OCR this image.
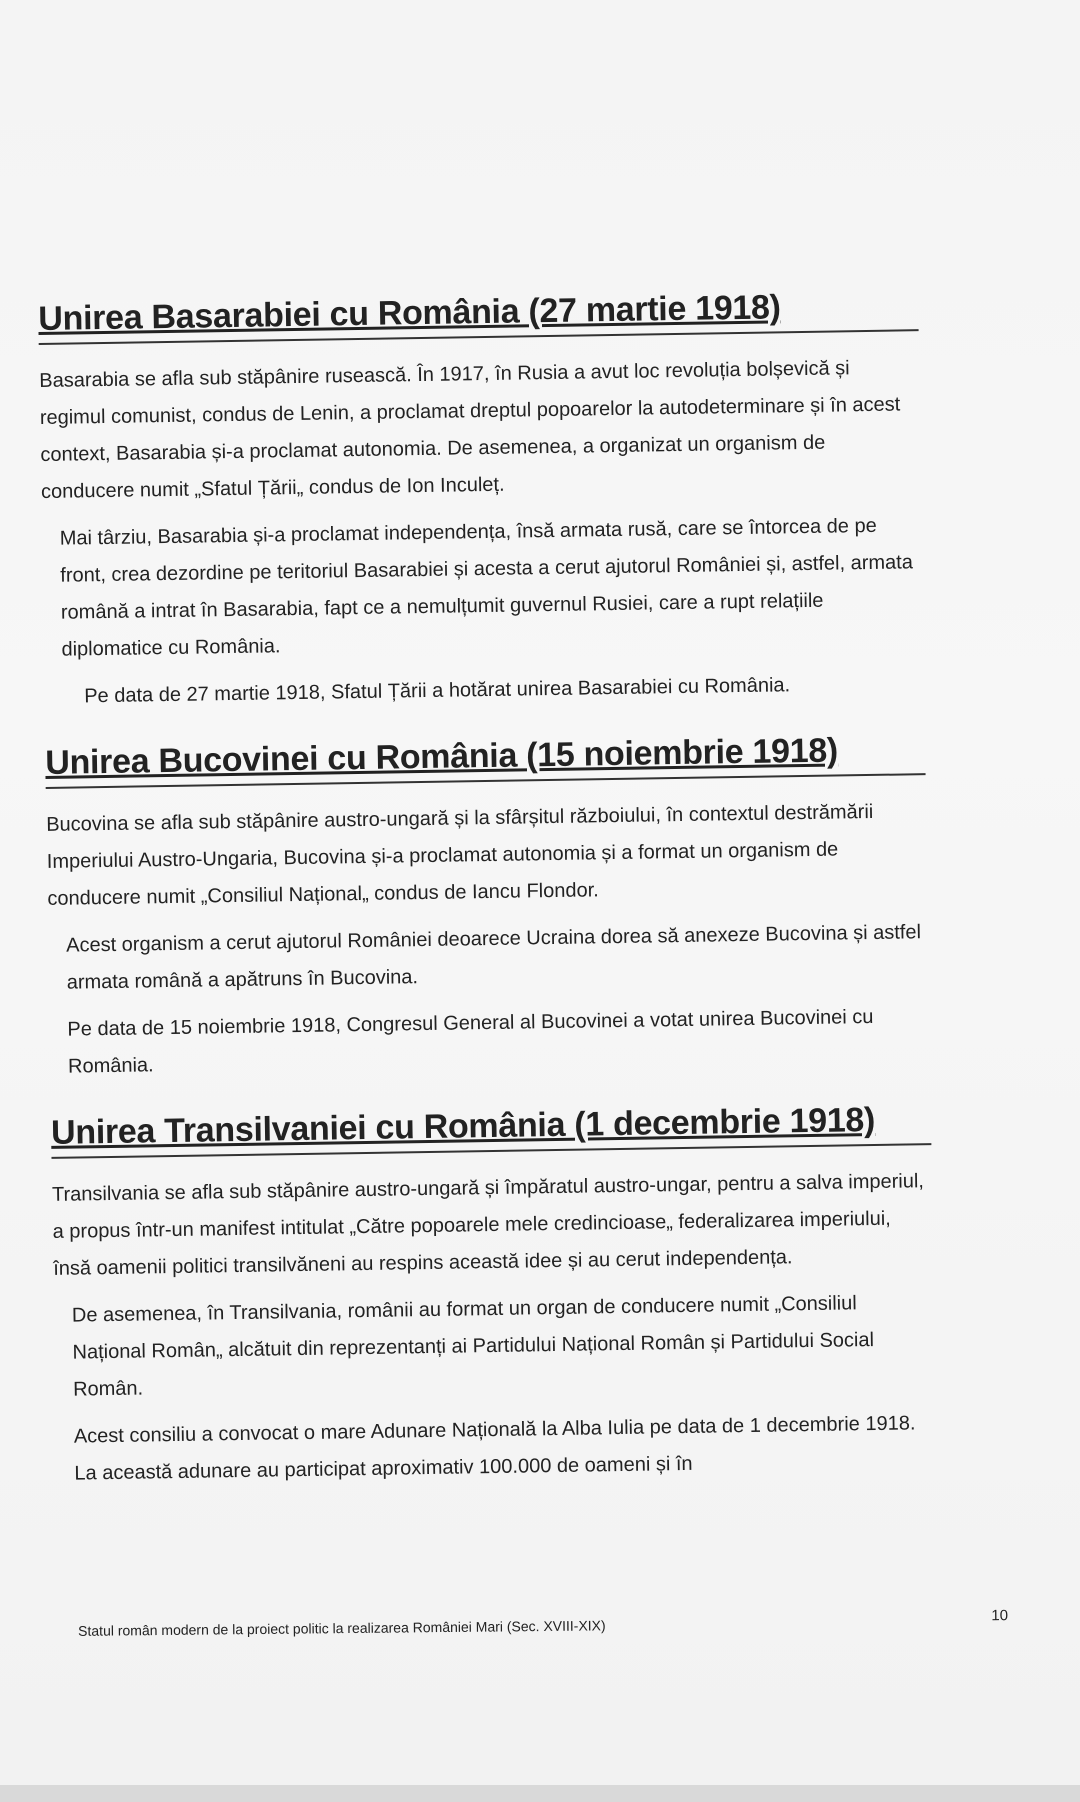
Unirea Basarabiei cu România (27 martie 1918)

Basarabia se afla sub stăpânire rusească. În 1917, în Rusia a avut loc revoluția bolșevică și regimul comunist, condus de Lenin, a proclamat dreptul popoarelor la autodeterminare și în acest context, Basarabia și-a proclamat autonomia. De asemenea, a organizat un organism de conducere numit „Sfatul Țării„ condus de Ion Inculeț.

Mai târziu, Basarabia și-a proclamat independența, însă armata rusă, care se întorcea de pe front, crea dezordine pe teritoriul Basarabiei și acesta a cerut ajutorul României și, astfel, armata română a intrat în Basarabia, fapt ce a nemulțumit guvernul Rusiei, care a rupt relațiile diplomatice cu România.

Pe data de 27 martie 1918, Sfatul Țării a hotărat unirea Basarabiei cu România.

Unirea Bucovinei cu România (15 noiembrie 1918)

Bucovina se afla sub stăpânire austro-ungară și la sfârșitul războiului, în contextul destrămării Imperiului Austro-Ungaria, Bucovina și-a proclamat autonomia și a format un organism de conducere numit „Consiliul Național„ condus de Iancu Flondor.

Acest organism a cerut ajutorul României deoarece Ucraina dorea să anexeze Bucovina și astfel armata română a apătruns în Bucovina.

Pe data de 15 noiembrie 1918, Congresul General al Bucovinei a votat unirea Bucovinei cu România.

Unirea Transilvaniei cu România (1 decembrie 1918)

Transilvania se afla sub stăpânire austro-ungară și împăratul austro-ungar, pentru a salva imperiul, a propus într-un manifest intitulat „Către popoarele mele credincioase„ federalizarea imperiului, însă oamenii politici transilvăneni au respins această idee și au cerut independența.

De asemenea, în Transilvania, românii au format un organ de conducere numit „Consiliul Național Român„ alcătuit din reprezentanți ai Partidului Național Român și Partidului Social Român.

Acest consiliu a convocat o mare Adunare Națională la Alba Iulia pe data de 1 decembrie 1918. La această adunare au participat aproximativ 100.000 de oameni și în

Statul român modern de la proiect politic la realizarea României Mari (Sec. XVIII-XIX)
10
